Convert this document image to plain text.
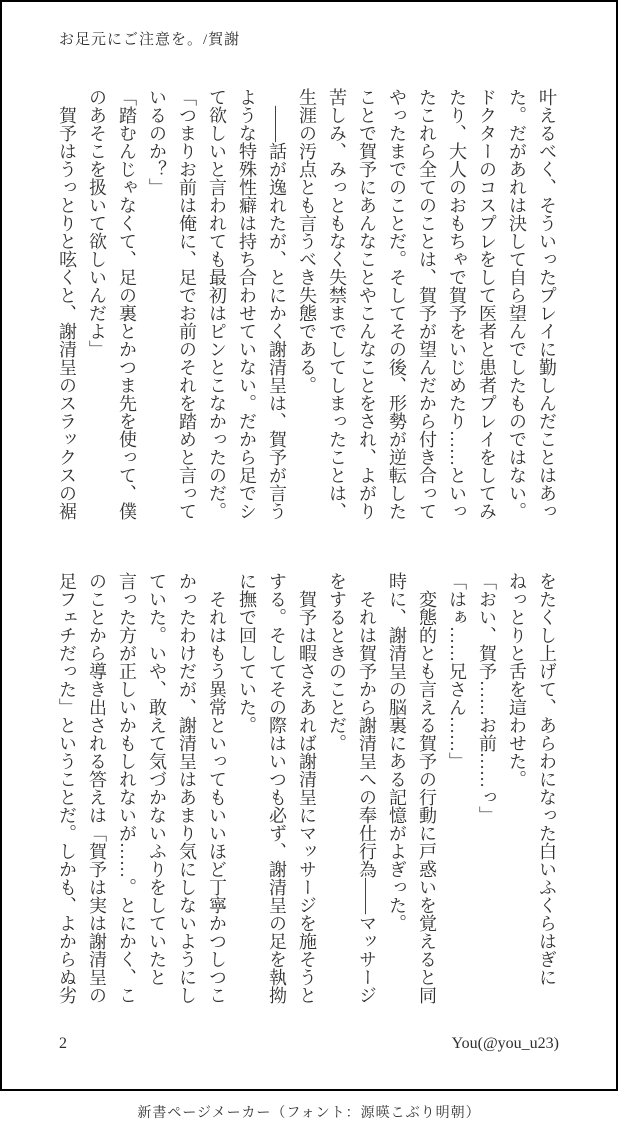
お足元にご注意を。/賀謝
叶えるべく、そういったプレイに勤しんだことはあっ
た。だがあれは決して自ら望んでしたものではない。
ドクターのコスプレをして医者と患者プレイをしてみ
たり、大人のおもちゃで賀予をいじめたり……といっ
たこれら全てのことは、賀予が望んだから付き合って
やったまでのことだ。そしてその後、形勢が逆転した
ことで賀予にあんなことやこんなことをされ、よがり
苦しみ、みっともなく失禁までしてしまったことは、
生涯の汚点とも言うべき失態である。
　――話が逸れたが、とにかく謝清呈は、賀予が言う
ような特殊性癖は持ち合わせていない。だから足でシ
て欲しいと言われても最初はピンとこなかったのだ。
「つまりお前は俺に、足でお前のそれを踏めと言って
いるのか？」
「踏むんじゃなくて、足の裏とかつま先を使って、僕
のあそこを扱いて欲しいんだよ」
　賀予はうっとりと呟くと、謝清呈のスラックスの裾
をたくし上げて、あらわになった白いふくらはぎに
ねっとりと舌を這わせた。
「おい、賀予……お前……っ」
「はぁ……兄さん……」
　変態的とも言える賀予の行動に戸惑いを覚えると同
時に、謝清呈の脳裏にある記憶がよぎった。
　それは賀予から謝清呈への奉仕行為――マッサージ
をするときのことだ。
　賀予は暇さえあれば謝清呈にマッサージを施そうと
する。そしてその際はいつも必ず、謝清呈の足を執拗
に撫で回していた。
　それはもう異常といってもいいほど丁寧かつしつこ
かったわけだが、謝清呈はあまり気にしないようにし
ていた。いや、敢えて気づかないふりをしていたと
言った方が正しいかもしれないが……。とにかく、こ
のことから導き出される答えは「賀予は実は謝清呈の
足フェチだった」ということだ。しかも、よからぬ劣
2	You(@you_u23)
新書ページメーカー（フォント：源暎こぶり明朝）
